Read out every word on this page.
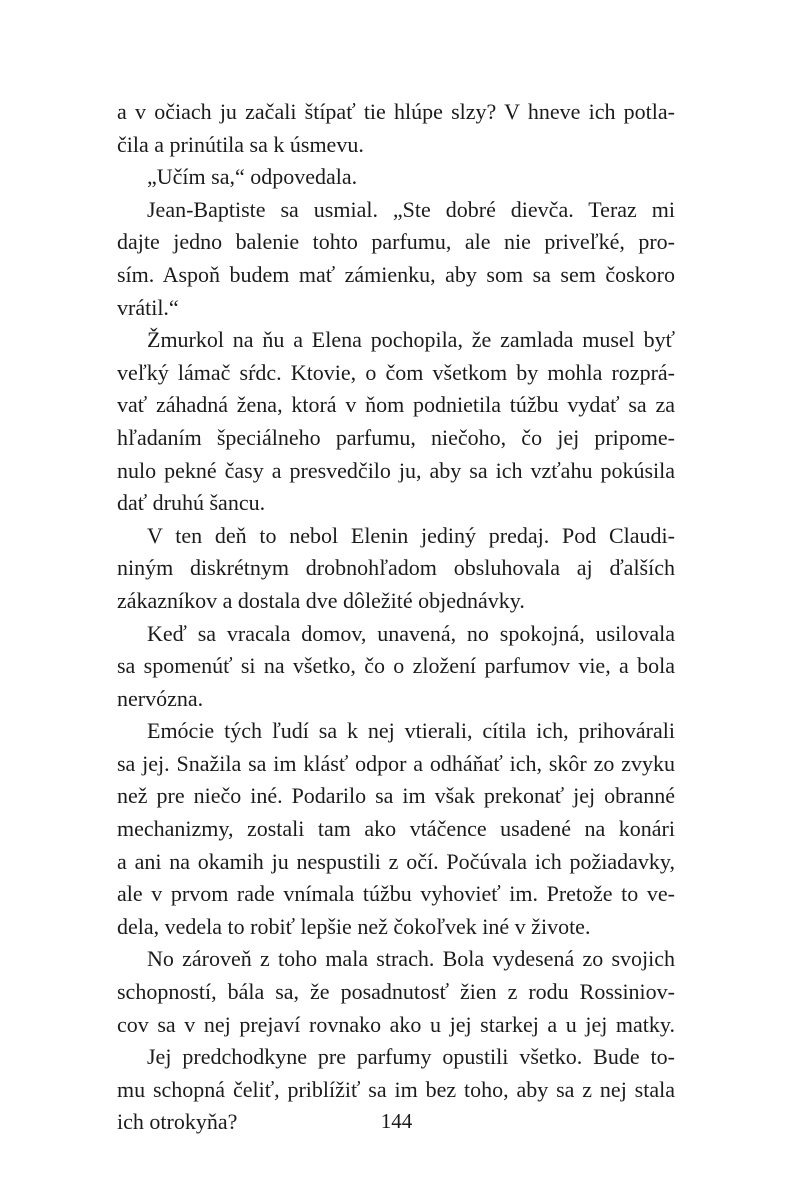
a v očiach ju začali štípať tie hlúpe slzy? V hneve ich potla-
čila a prinútila sa k úsmevu.
„Učím sa,“ odpovedala.
Jean-Baptiste sa usmial. „Ste dobré dievča. Teraz mi
dajte jedno balenie tohto parfumu, ale nie priveľké, pro-
sím. Aspoň budem mať zámienku, aby som sa sem čoskoro
vrátil.“
Žmurkol na ňu a Elena pochopila, že zamlada musel byť
veľký lámač sŕdc. Ktovie, o čom všetkom by mohla rozprá-
vať záhadná žena, ktorá v ňom podnietila túžbu vydať sa za
hľadaním špeciálneho parfumu, niečoho, čo jej pripome-
nulo pekné časy a presvedčilo ju, aby sa ich vzťahu pokúsila
dať druhú šancu.
V ten deň to nebol Elenin jediný predaj. Pod Claudi-
niným diskrétnym drobnohľadom obsluhovala aj ďalších
zákazníkov a dostala dve dôležité objednávky.
Keď sa vracala domov, unavená, no spokojná, usilovala
sa spomenúť si na všetko, čo o zložení parfumov vie, a bola
nervózna.
Emócie tých ľudí sa k nej vtierali, cítila ich, prihovárali
sa jej. Snažila sa im klásť odpor a odháňať ich, skôr zo zvyku
než pre niečo iné. Podarilo sa im však prekonať jej obranné
mechanizmy, zostali tam ako vtáčence usadené na konári
a ani na okamih ju nespustili z očí. Počúvala ich požiadavky,
ale v prvom rade vnímala túžbu vyhovieť im. Pretože to ve-
dela, vedela to robiť lepšie než čokoľvek iné v živote.
No zároveň z toho mala strach. Bola vydesená zo svojich
schopností, bála sa, že posadnutosť žien z rodu Rossiniov-
cov sa v nej prejaví rovnako ako u jej starkej a u jej matky.
Jej predchodkyne pre parfumy opustili všetko. Bude to-
mu schopná čeliť, priblížiť sa im bez toho, aby sa z nej stala
ich otrokyňa?	144
